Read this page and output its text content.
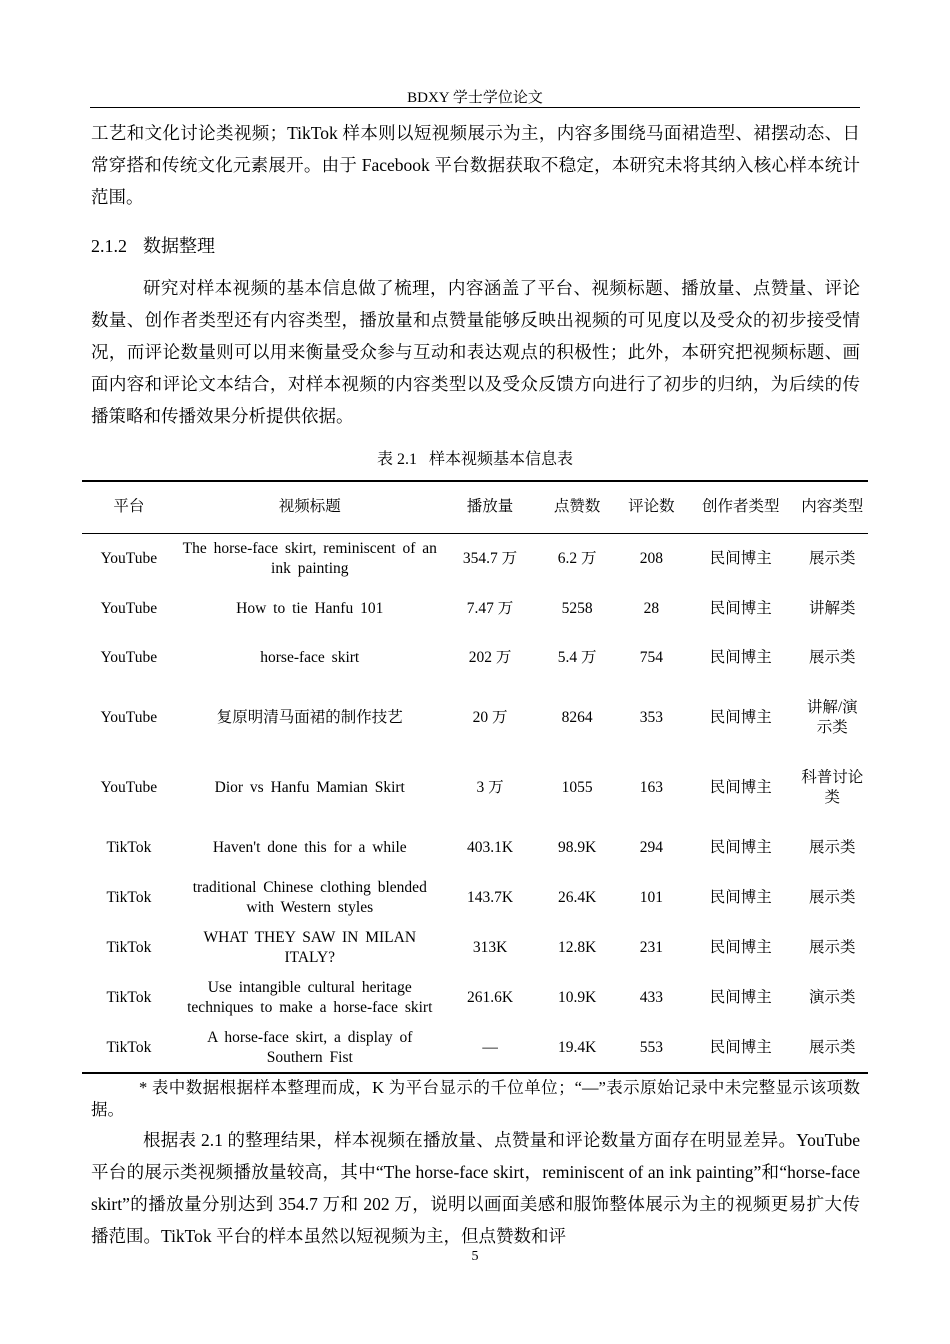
BDXY 学士学位论文

工艺和文化讨论类视频；TikTok 样本则以短视频展示为主，内容多围绕马面裙造型、裙摆动态、日常穿搭和传统文化元素展开。由于 Facebook 平台数据获取不稳定，本研究未将其纳入核心样本统计范围。

2.1.2 数据整理

研究对样本视频的基本信息做了梳理，内容涵盖了平台、视频标题、播放量、点赞量、评论数量、创作者类型还有内容类型，播放量和点赞量能够反映出视频的可见度以及受众的初步接受情况，而评论数量则可以用来衡量受众参与互动和表达观点的积极性；此外，本研究把视频标题、画面内容和评论文本结合，对样本视频的内容类型以及受众反馈方向进行了初步的归纳，为后续的传播策略和传播效果分析提供依据。

表 2.1 样本视频基本信息表
平台	视频标题	播放量	点赞数	评论数	创作者类型	内容类型
YouTube	The horse-face skirt, reminiscent of an ink painting	354.7 万	6.2 万	208	民间博主	展示类
YouTube	How to tie Hanfu 101	7.47 万	5258	28	民间博主	讲解类
YouTube	horse-face skirt	202 万	5.4 万	754	民间博主	展示类
YouTube	复原明清马面裙的制作技艺	20 万	8264	353	民间博主	讲解/演示类
YouTube	Dior vs Hanfu Mamian Skirt	3 万	1055	163	民间博主	科普讨论类
TikTok	Haven't done this for a while	403.1K	98.9K	294	民间博主	展示类
TikTok	traditional Chinese clothing blended with Western styles	143.7K	26.4K	101	民间博主	展示类
TikTok	WHAT THEY SAW IN MILAN ITALY?	313K	12.8K	231	民间博主	展示类
TikTok	Use intangible cultural heritage techniques to make a horse-face skirt	261.6K	10.9K	433	民间博主	演示类
TikTok	A horse-face skirt, a display of Southern Fist	—	19.4K	553	民间博主	展示类

* 表中数据根据样本整理而成，K 为平台显示的千位单位；“—”表示原始记录中未完整显示该项数据。

根据表 2.1 的整理结果，样本视频在播放量、点赞量和评论数量方面存在明显差异。YouTube 平台的展示类视频播放量较高，其中“The horse-face skirt，reminiscent of an ink painting”和“horse-face skirt”的播放量分别达到 354.7 万和 202 万，说明以画面美感和服饰整体展示为主的视频更易扩大传播范围。TikTok 平台的样本虽然以短视频为主，但点赞数和评

5
